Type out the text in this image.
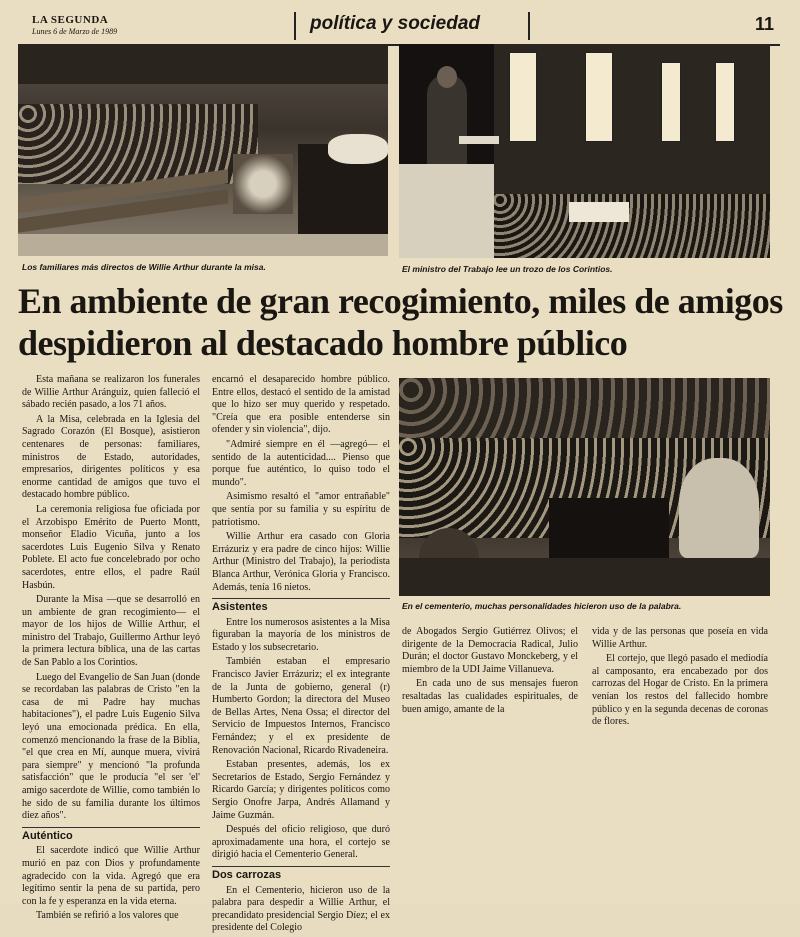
LA SEGUNDA
Lunes 6 de Marzo de 1989	política y sociedad	11
Los familiares más directos de Willie Arthur durante la misa.	El ministro del Trabajo lee un trozo de los Corintios.
En ambiente de gran recogimiento, miles de amigos despidieron al destacado hombre público

Esta mañana se realizaron los funerales de Willie Arthur Aránguiz, quien falleció el sábado recién pasado, a los 71 años.

A la Misa, celebrada en la Iglesia del Sagrado Corazón (El Bosque), asistieron centenares de personas: familiares, ministros de Estado, autoridades, empresarios, dirigentes políticos y esa enorme cantidad de amigos que tuvo el destacado hombre público.

La ceremonia religiosa fue oficiada por el Arzobispo Emérito de Puerto Montt, monseñor Eladio Vicuña, junto a los sacerdotes Luis Eugenio Silva y Renato Poblete. El acto fue concelebrado por ocho sacerdotes, entre ellos, el padre Raúl Hasbún.

Durante la Misa —que se desarrolló en un ambiente de gran recogimiento— el mayor de los hijos de Willie Arthur, el ministro del Trabajo, Guillermo Arthur leyó la primera lectura bíblica, una de las cartas de San Pablo a los Corintios.

Luego del Evangelio de San Juan (donde se recordaban las palabras de Cristo "en la casa de mi Padre hay muchas habitaciones"), el padre Luis Eugenio Silva leyó una emocionada prédica. En ella, comenzó mencionando la frase de la Biblia, "el que crea en Mí, aunque muera, vivirá para siempre" y mencionó "la profunda satisfacción" que le producía "el ser 'el' amigo sacerdote de Willie, como también lo he sido de su familia durante los últimos diez años".

Auténtico

El sacerdote indicó que Willie Arthur murió en paz con Dios y profundamente agradecido con la vida. Agregó que era legítimo sentir la pena de su partida, pero con la fe y esperanza en la vida eterna.

También se refirió a los valores que

encarnó el desaparecido hombre público. Entre ellos, destacó el sentido de la amistad que lo hizo ser muy querido y respetado. "Creía que era posible entenderse sin ofender y sin violencia", dijo.

"Admiré siempre en él —agregó— el sentido de la autenticidad.... Pienso que porque fue auténtico, lo quiso todo el mundo".

Asimismo resaltó el "amor entrañable" que sentía por su familia y su espíritu de patriotismo.

Willie Arthur era casado con Gloria Errázuriz y era padre de cinco hijos: Willie Arthur (Ministro del Trabajo), la periodista Blanca Arthur, Verónica Gloria y Francisco. Además, tenía 16 nietos.

Asistentes

Entre los numerosos asistentes a la Misa figuraban la mayoría de los ministros de Estado y los subsecretario.

También estaban el empresario Francisco Javier Errázuriz; el ex integrante de la Junta de gobierno, general (r) Humberto Gordon; la directora del Museo de Bellas Artes, Nena Ossa; el director del Servicio de Impuestos Internos, Francisco Fernández; y el ex presidente de Renovación Nacional, Ricardo Rivadeneira.

Estaban presentes, además, los ex Secretarios de Estado, Sergio Fernández y Ricardo García; y dirigentes políticos como Sergio Onofre Jarpa, Andrés Allamand y Jaime Guzmán.

Después del oficio religioso, que duró aproximadamente una hora, el cortejo se dirigió hacia el Cementerio General.

Dos carrozas

En el Cementerio, hicieron uso de la palabra para despedir a Willie Arthur, el precandidato presidencial Sergio Díez; el ex presidente del Colegio

En el cementerio, muchas personalidades hicieron uso de la palabra.

de Abogados Sergio Gutiérrez Olivos; el dirigente de la Democracia Radical, Julio Durán; el doctor Gustavo Monckeberg, y el miembro de la UDI Jaime Villanueva.

En cada uno de sus mensajes fueron resaltadas las cualidades espirituales, de buen amigo, amante de la

vida y de las personas que poseía en vida Willie Arthur.

El cortejo, que llegó pasado el mediodía al camposanto, era encabezado por dos carrozas del Hogar de Cristo. En la primera venían los restos del fallecido hombre público y en la segunda decenas de coronas de flores.
